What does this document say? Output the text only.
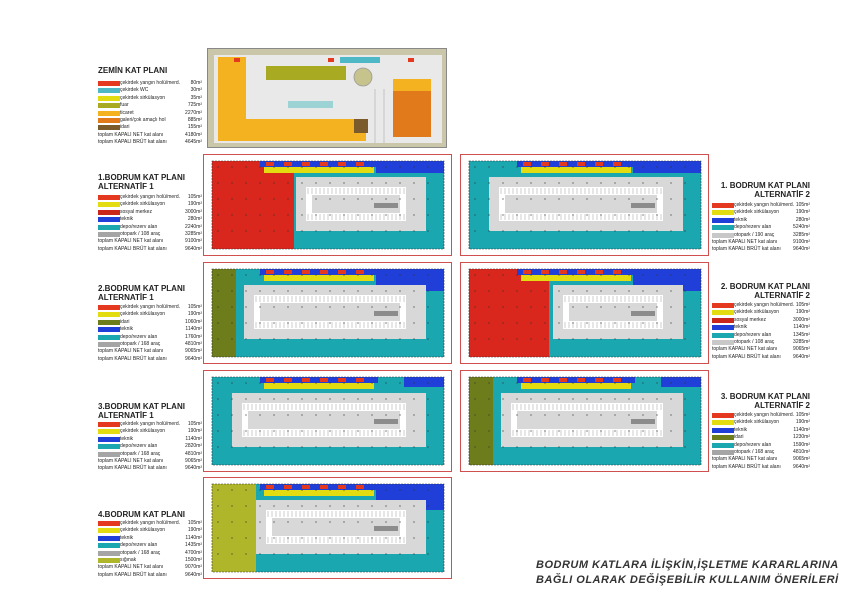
ZEMİN KAT PLANI
çekirdek yangın holü/merd. 80m²
çekirdek WC	30m²
çekirdek sirkülasyon	35m²
fuar	725m²
ticaret	2270m²
galeri/çok amaçlı hol	885m²
idari	155m²
toplam KAPALI NET kat alanı	4180m²
toplam KAPALI BRÜT kat alanı	4645m²
1.BODRUM KAT PLANI
ALTERNATİF 1
çekirdek yangın holü/merd. 105m²
çekirdek sirkülasyon	190m²
sosyal merkez	3000m²
teknik	280m²
depo/rezerv alan	2240m²
otopark / 108 araç	3285m²
toplam KAPALI NET kat alanı	9100m²
toplam KAPALI BRÜT kat alanı	9640m²
1. BODRUM KAT PLANI
ALTERNATİF 2
çekirdek yangın holü/merd. 105m²
çekirdek sirkülasyon	190m²
teknik	280m²
depo/rezerv alan	5240m²
otopark / 190 araç	3285m²
toplam KAPALI NET kat alanı	9100m²
toplam KAPALI BRÜT kat alanı 9640m²
2.BODRUM KAT PLANI
ALTERNATİF 1
çekirdek yangın holü/merd. 105m²
çekirdek sirkülasyon	190m²
idari	1060m²
teknik	1140m²
depo/rezerv alan	1760m²
otopark / 168 araç	4810m²
toplam KAPALI NET kat alanı	9065m²
toplam KAPALI BRÜT kat alanı	9640m²
2. BODRUM KAT PLANI
ALTERNATİF 2
çekirdek yangın holü/merd. 105m²
çekirdek sirkülasyon	190m²
sosyal merkez	3000m²
teknik	1140m²
depo/rezerv alan	1345m²
otopark / 108 araç	3285m²
toplam KAPALI NET kat alanı	9065m²
toplam KAPALI BRÜT kat alanı 9640m²
3.BODRUM KAT PLANI
ALTERNATİF 1
çekirdek yangın holü/merd. 105m²
çekirdek sirkülasyon	190m²
teknik	1140m²
depo/rezerv alan	2820m²
otopark / 168 araç	4810m²
toplam KAPALI NET kat alanı	9065m²
toplam KAPALI BRÜT kat alanı	9640m²
3. BODRUM KAT PLANI
ALTERNATİF 2
çekirdek yangın holü/merd. 105m²
çekirdek sirkülasyon	190m²
teknik	1140m²
idari	1230m²
depo/rezerv alan	1590m²
otopark / 168 araç	4810m²
toplam KAPALI NET kat alanı	9065m²
toplam KAPALI BRÜT kat alanı 9640m²
4.BODRUM KAT PLANI
çekirdek yangın holü/merd. 105m²
çekirdek sirkülasyon	190m²
teknik	1140m²
depo/rezerv alan	1435m²
otopark / 168 araç	4700m²
sığınak	1500m²
toplam KAPALI NET kat alanı	9070m²
toplam KAPALI BRÜT kat alanı	9640m²
BODRUM KATLARA İLİŞKİN,İŞLETME KARARLARINA
BAĞLI OLARAK DEĞİŞEBİLİR KULLANIM ÖNERİLERİ
